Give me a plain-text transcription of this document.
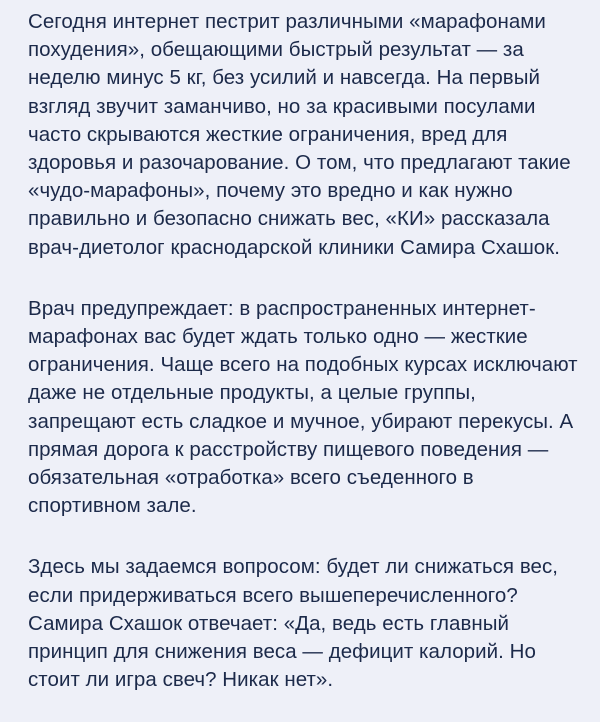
Сегодня интернет пестрит различными «марафонами похудения», обещающими быстрый результат — за неделю минус 5 кг, без усилий и навсегда. На первый взгляд звучит заманчиво, но за красивыми посулами часто скрываются жесткие ограничения, вред для здоровья и разочарование. О том, что предлагают такие «чудо-марафоны», почему это вредно и как нужно правильно и безопасно снижать вес, «КИ» рассказала врач-диетолог краснодарской клиники Самира Схашок.

Врач предупреждает: в распространенных интернет-марафонах вас будет ждать только одно — жесткие ограничения. Чаще всего на подобных курсах исключают даже не отдельные продукты, а целые группы, запрещают есть сладкое и мучное, убирают перекусы. А прямая дорога к расстройству пищевого поведения — обязательная «отработка» всего съеденного в спортивном зале.

Здесь мы задаемся вопросом: будет ли снижаться вес, если придерживаться всего вышеперечисленного? Самира Схашок отвечает: «Да, ведь есть главный принцип для снижения веса — дефицит калорий. Но стоит ли игра свеч? Никак нет».
